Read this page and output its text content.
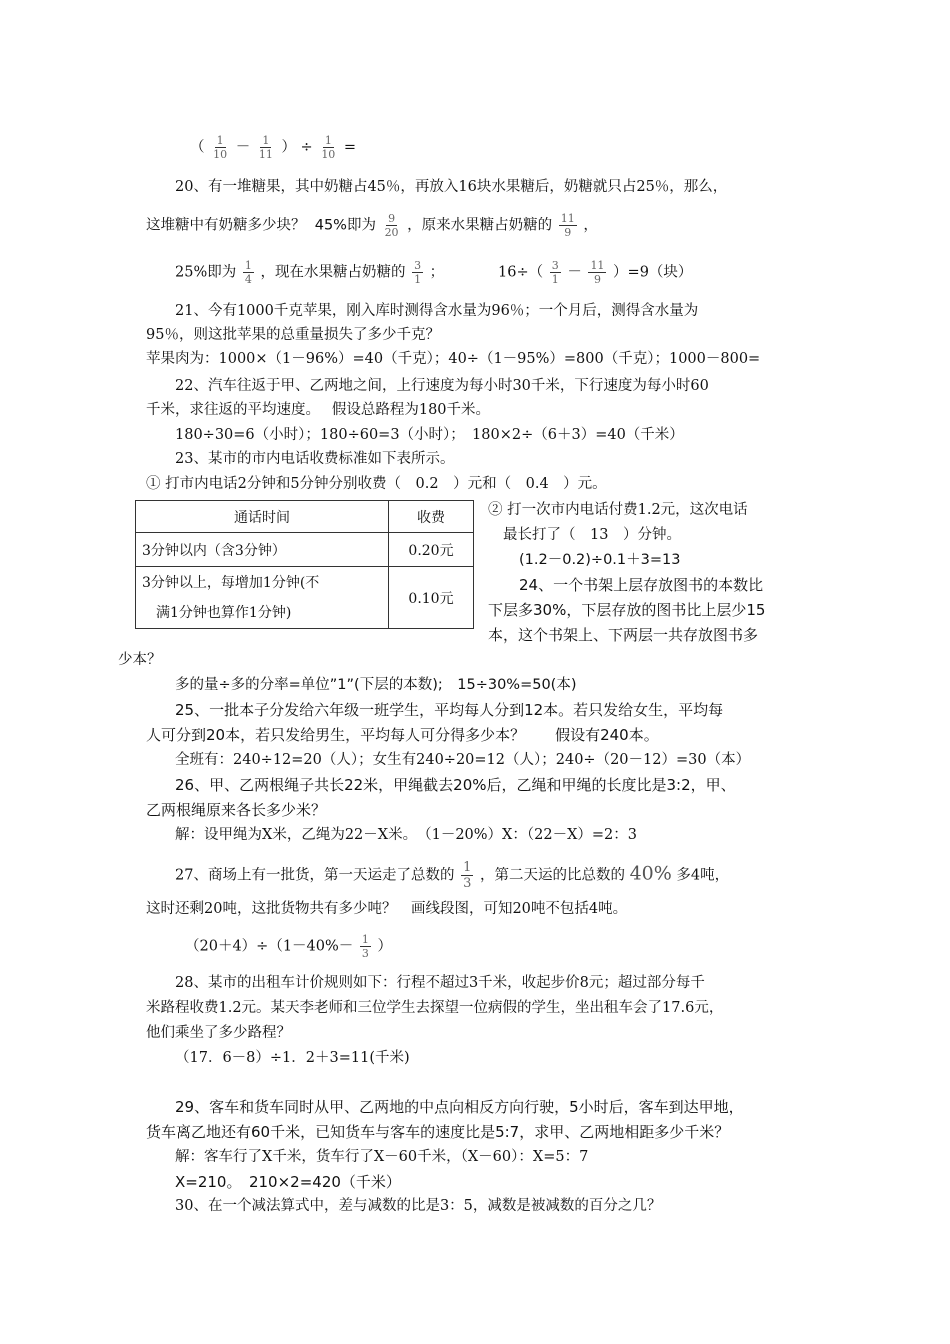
（ $\frac{1}{10} - \frac{1}{11}$ ） ÷ $\frac{1}{10}$ =
20、有一堆糖果，其中奶糖占45％，再放入16块水果糖后，奶糖就只占25％，那么，
这堆糖中有奶糖多少块？ 45%即为 $\frac{9}{20}$ ，原来水果糖占奶糖的 $\frac{11}{9}$ ，
25%即为 $\frac{1}{4}$ ，现在水果糖占奶糖的 $\frac{3}{1}$ ；	$16\div( \frac{3}{1} - \frac{11}{9} )=9$（块）
21、今有1000千克苹果，刚入库时测得含水量为96％；一个月后，测得含水量为
95％，则这批苹果的总重量损失了多少千克？
苹果肉为：1000×（1－96%）=40（千克）；40÷（1－95%）=800（千克）；1000－800=
22、汽车往返于甲、乙两地之间，上行速度为每小时30千米，下行速度为每小时60
千米，求往返的平均速度。　 假设总路程为180千米。
180÷30=6（小时）；180÷60=3（小时）；　180×2÷（6＋3）=40（千米）
23、某市的市内电话收费标准如下表所示。
① 打市内电话2分钟和5分钟分别收费（　0.2　）元和（　0.4　）元。
通话时间	收费
3分钟以内（含3分钟）	0.20元

3分钟以上，每增加1分钟(不
满1分钟也算作1分钟)	0.10元
② 打一次市内电话付费1.2元，这次电话
最长打了（　13　）分钟。
(1.2－0.2)÷0.1＋3=13
24、一个书架上层存放图书的本数比
下层多30%，下层存放的图书比上层少15
本，这个书架上、下两层一共存放图书多
少本？
多的量÷多的分率=单位”1”(下层的本数);　15÷30%=50(本)
25、一批本子分发给六年级一班学生，平均每人分到12本。若只发给女生，平均每
人可分到20本，若只发给男生，平均每人可分得多少本？　　假设有240本。
全班有：240÷12=20（人）；女生有240÷20=12（人）；240÷（20－12）=30（本）
26、甲、乙两根绳子共长22米，甲绳截去20%后，乙绳和甲绳的长度比是3:2，甲、
乙两根绳原来各长多少米？
解：设甲绳为X米，乙绳为22－X米。　（1－20%）X：（22－X）=2：3
27、商场上有一批货，第一天运走了总数的 $\frac{1}{3}$ ，第二天运的比总数的 40% 多4吨，
这时还剩20吨，这批货物共有多少吨？　画线段图，可知20吨不包括4吨。
$(20+4)\div(1-40\%- \frac{1}{3}$ ）
28、某市的出租车计价规则如下：行程不超过3千米，收起步价8元；超过部分每千
米路程收费1.2元。某天李老师和三位学生去探望一位病假的学生，坐出租车会了17.6元，
他们乘坐了多少路程？
（17．6－8）÷1．2＋3=11(千米)
29、客车和货车同时从甲、乙两地的中点向相反方向行驶，5小时后，客车到达甲地，
货车离乙地还有60千米，已知货车与客车的速度比是5:7，求甲、乙两地相距多少千米？
解：客车行了X千米，货车行了X－60千米，（X－60）：X=5：7
X=210。　210×2=420（千米）
30、在一个减法算式中，差与减数的比是3：5，减数是被减数的百分之几？
